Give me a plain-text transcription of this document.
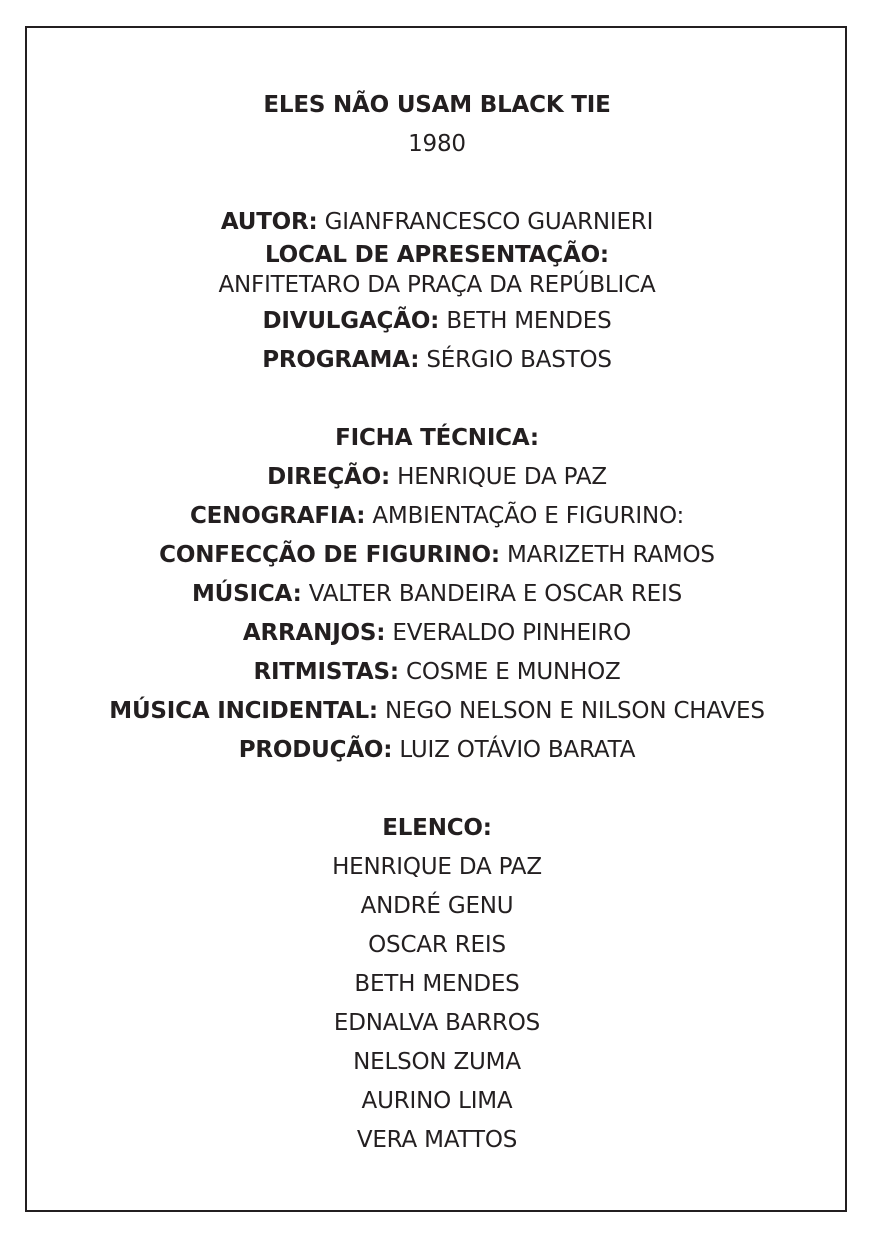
ELES NÃO USAM BLACK TIE
1980
AUTOR: GIANFRANCESCO GUARNIERI
LOCAL DE APRESENTAÇÃO:
ANFITETARO DA PRAÇA DA REPÚBLICA
DIVULGAÇÃO: BETH MENDES
PROGRAMA: SÉRGIO BASTOS
FICHA TÉCNICA:
DIREÇÃO: HENRIQUE DA PAZ
CENOGRAFIA: AMBIENTAÇÃO E FIGURINO:
CONFECÇÃO DE FIGURINO: MARIZETH RAMOS
MÚSICA: VALTER BANDEIRA E OSCAR REIS
ARRANJOS: EVERALDO PINHEIRO
RITMISTAS: COSME E MUNHOZ
MÚSICA INCIDENTAL: NEGO NELSON E NILSON CHAVES
PRODUÇÃO: LUIZ OTÁVIO BARATA
ELENCO:
HENRIQUE DA PAZ
ANDRÉ GENU
OSCAR REIS
BETH MENDES
EDNALVA BARROS
NELSON ZUMA
AURINO LIMA
VERA MATTOS
